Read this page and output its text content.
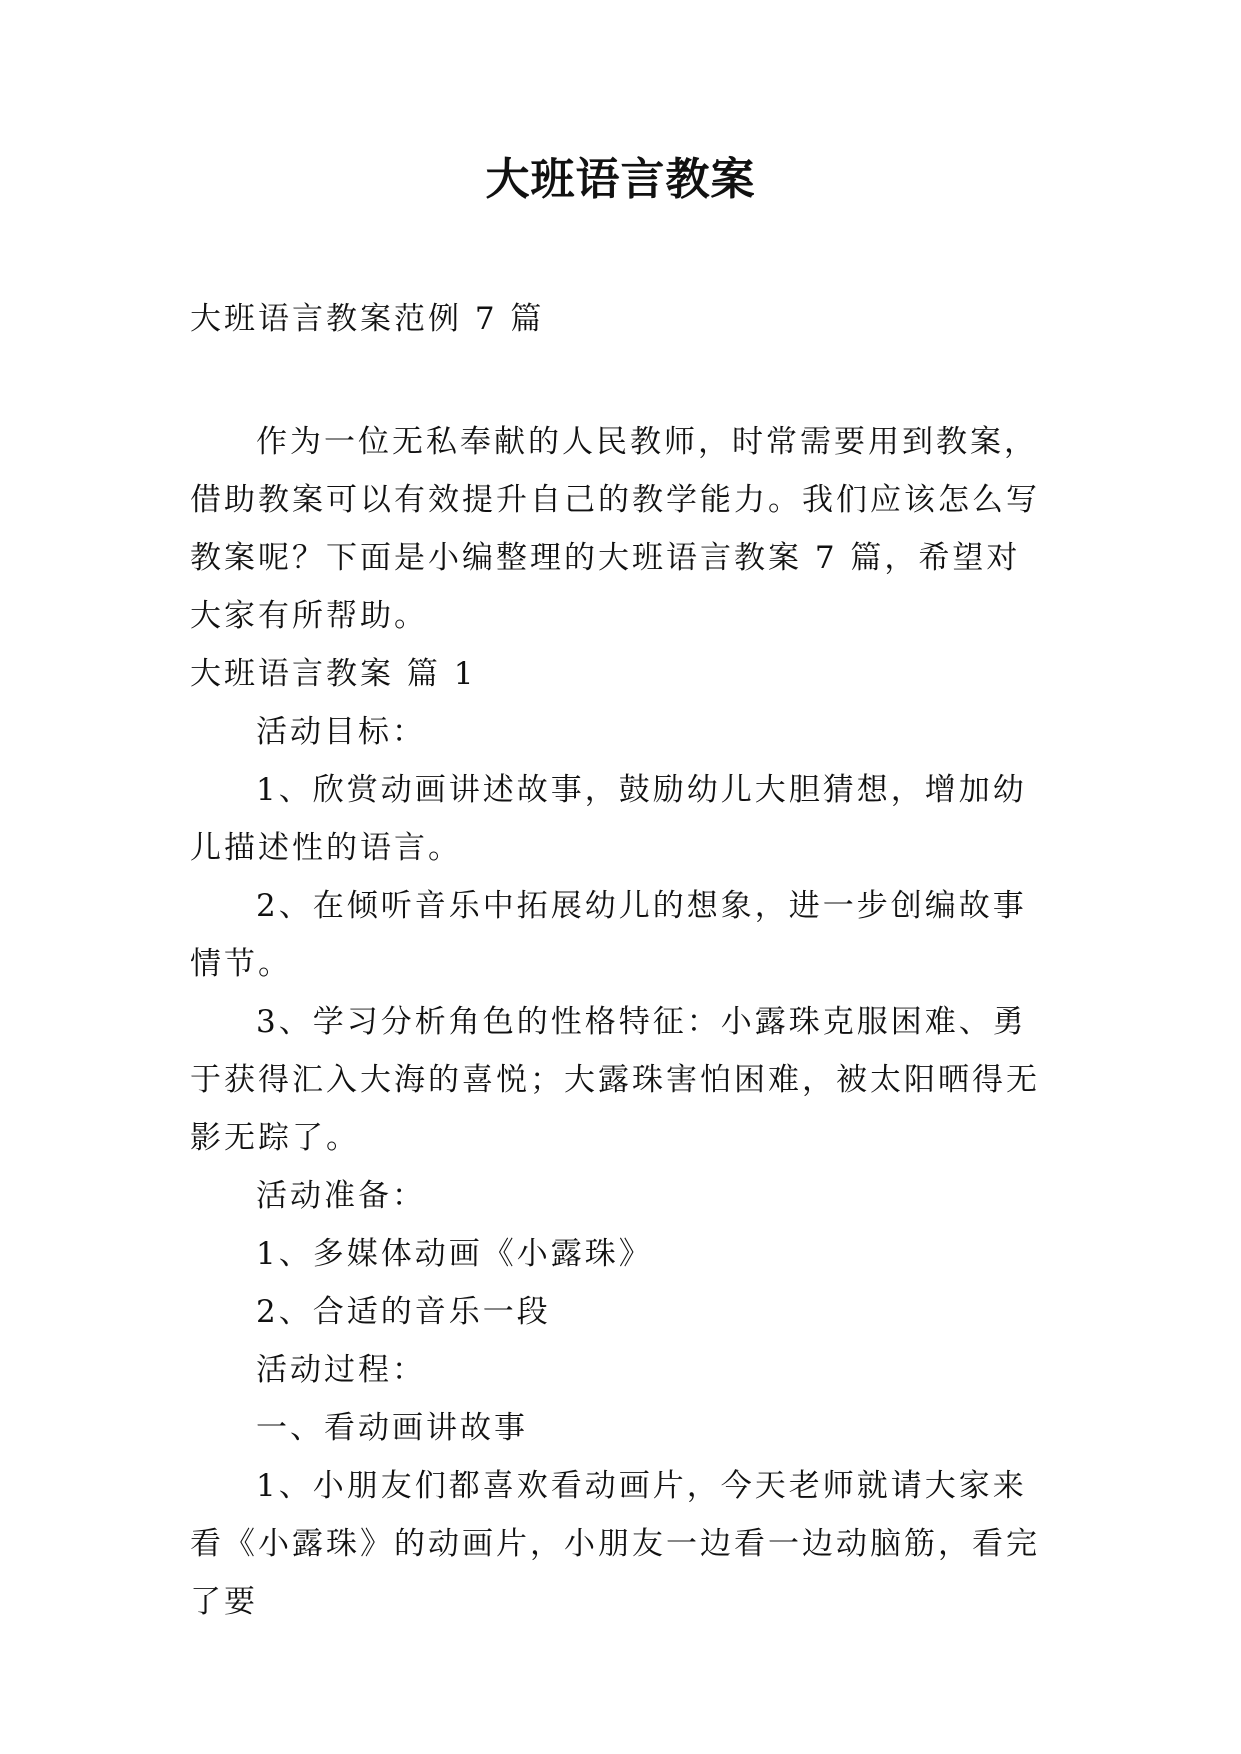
大班语言教案

大班语言教案范例 7 篇

作为一位无私奉献的人民教师，时常需要用到教案，借助教案可以有效提升自己的教学能力。我们应该怎么写教案呢？下面是小编整理的大班语言教案 7 篇，希望对大家有所帮助。

大班语言教案 篇 1

活动目标：

1、欣赏动画讲述故事，鼓励幼儿大胆猜想，增加幼儿描述性的语言。

2、在倾听音乐中拓展幼儿的想象，进一步创编故事情节。

3、学习分析角色的性格特征：小露珠克服困难、勇于获得汇入大海的喜悦；大露珠害怕困难，被太阳晒得无影无踪了。

活动准备：

1、多媒体动画《小露珠》

2、合适的音乐一段

活动过程：

一、看动画讲故事

1、小朋友们都喜欢看动画片，今天老师就请大家来看《小露珠》的动画片，小朋友一边看一边动脑筋，看完了要
